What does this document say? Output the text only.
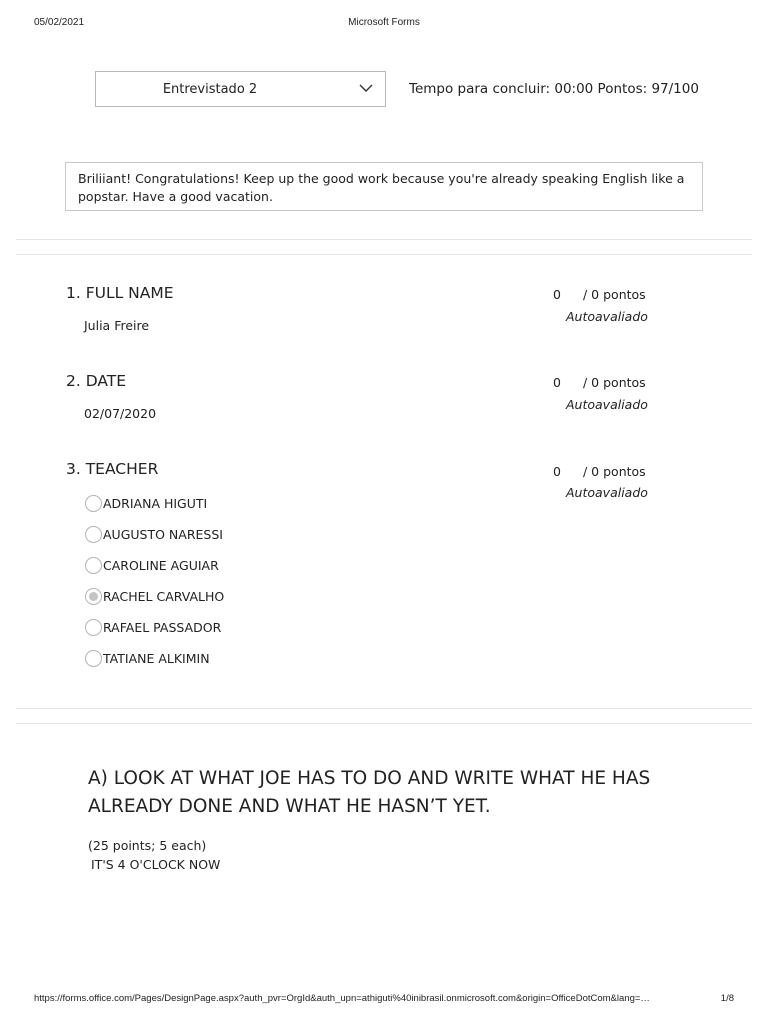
05/02/2021	Microsoft Forms
Entrevistado 2	Tempo para concluir: 00:00 Pontos: 97/100
Briliiant! Congratulations! Keep up the good work because you're already speaking English like a popstar. Have a good vacation.
1. FULL NAME
Julia Freire
0 / 0 pontos
Autoavaliado
2. DATE
02/07/2020
0 / 0 pontos
Autoavaliado
3. TEACHER	0 / 0 pontos
Autoavaliado
ADRIANA HIGUTI
AUGUSTO NARESSI
CAROLINE AGUIAR
RACHEL CARVALHO
RAFAEL PASSADOR
TATIANE ALKIMIN
A) LOOK AT WHAT JOE HAS TO DO AND WRITE WHAT HE HAS ALREADY DONE AND WHAT HE HASN’T YET.
(25 points; 5 each)
IT'S 4 O'CLOCK NOW
https://forms.office.com/Pages/DesignPage.aspx?auth_pvr=OrgId&auth_upn=athiguti%40inibrasil.onmicrosoft.com&origin=OfficeDotCom&lang=…	1/8
